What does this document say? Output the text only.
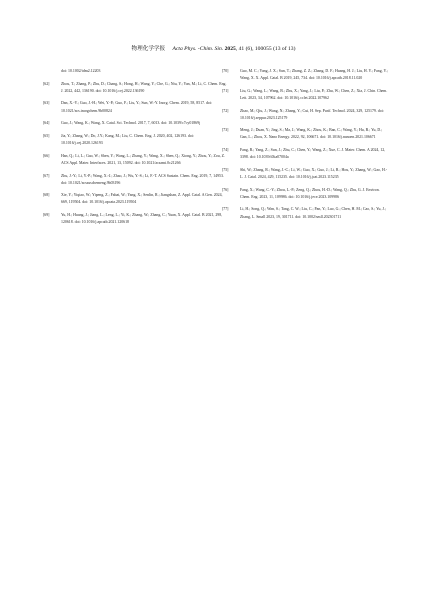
物理化学学报 Acta Phys. -Chim. Sin. 2025, 41 (6), 100055 (13 of 13)
doi: 10.1002/idm2.12203
[62]	Zhou, T.; Zhang, P.; Zhu, D.; Chang, S.; Hong, H.; Wang, Y.; Che, G.; Niu, Y.; Yan, M.; Li, C. Chem. Eng. J. 2022, 442, 136190. doi: 10.1016/j.cej.2022.136190
[63]	Dan, X.-Y.; Guo, J.-H.; Wei, Y.-P.; Guo, F.; Liu, Y.; Sun, W.-Y. Inorg. Chem. 2019, 58, 8517. doi: 10.1021/acs.inorgchem.9b00824
[64]	Guo, J.; Wang, K.; Wang, X. Catal. Sci. Technol. 2017, 7, 6013. doi: 10.1039/c7cy01869j
[65]	Jia, Y.; Zhang, W.; Do, J.Y.; Kang, M.; Liu, C. Chem. Eng. J. 2020, 402, 126193. doi: 10.1016/j.cej.2020.126193
[66]	Han, Q.; Li, L.; Gao, W.; Shen, Y.; Wang, L.; Zhang, Y.; Wang, X.; Shen, Q.; Xiong, Y.; Zhou, Y.; Zou, Z. ACS Appl. Mater. Interfaces. 2021, 13, 15092. doi: 10.1021/acsami.0c21266
[67]	Zhu, J.-Y.; Li, Y.-P.; Wang, X.-J.; Zhao, J.; Wu, Y.-S.; Li, F.-T. ACS Sustain. Chem. Eng. 2019, 7, 14953. doi: 10.1021/acssuschemeng.9b03196
[68]	Xie, Y.; Yiqiao, W.; Yipeng, Z.; Fabai, W.; Yang, X.; Senlin, R.; Jiangshan, Z. Appl. Catal. A Gen. 2024, 669, 119504. doi: 10.1016/j.apcata.2023.119504
[69]	Yu, H.; Huang, J.; Jiang, L.; Leng, L.; Yi, K.; Zhang, W.; Zhang, C.; Yuan, X. Appl. Catal. B 2021, 298, 120618. doi: 10.1016/j.apcatb.2021.120618
[70]	Guo, M. C.; Yang, J. X.; Sun, T.; Zhang, Z. Z.; Zhang, D. F.; Huang, H. J.; Liu, H. Y.; Fang, Y.; Wang, X. X. Appl. Catal. B 2019, 245, 734. doi: 10.1016/j.apcatb.2018.11.020
[71]	Liu, G.; Wang, L.; Wang, B.; Zhu, X.; Yang, J.; Liu, P.; Zhu, W.; Chen, Z.; Xia, J. Chin. Chem. Lett. 2023, 34, 107962. doi: 10.1016/j.cclet.2022.107962
[72]	Zhao, M.; Qiu, J.; Wang, N.; Zhang, Y.; Cui, H. Sep. Purif. Technol. 2024, 329, 125179. doi: 10.1016/j.seppur.2023.125179
[73]	Meng, J.; Duan, Y.; Jing, S.; Ma, J.; Wang, K.; Zhou, K.; Ban, C.; Wang, Y.; Hu, B.; Yu, D.; Gan, L.; Zhou, X. Nano Energy. 2022, 92, 106671. doi: 10.1016/j.nanoen.2021.106671
[74]	Fang, R.; Yang, Z.; Sun, J.; Zhu, C.; Chen, Y.; Wang, Z.; Xue, C. J. Mater. Chem. A 2024, 12, 3398. doi: 10.1039/d3ta07004a
[75]	Shi, W.; Zhang, R.; Wang, J.-C.; Li, W.; Guo, X.; Guo, J.; Li, R.; Hou, Y.; Zhang, W.; Gao, H.-L. J. Catal. 2024, 429, 115235. doi: 10.1016/j.jcat.2023.115235
[76]	Fang, X.; Wang, C.-Y.; Zhou, L.-P.; Zeng, Q.; Zhou, H.-D.; Wang, Q.; Zhu, G. J. Environ. Chem. Eng. 2023, 11, 109986. doi: 10.1016/j.jece.2023.109986
[77]	Li, H.; Song, Q.; Wan, S.; Tang, C. W.; Liu, C.; Pan, Y.; Luo, G.; Chen, H. M.; Cao, S.; Yu, J.; Zhang, L. Small 2023, 19, 301711. doi: 10.1002/smll.202301711
